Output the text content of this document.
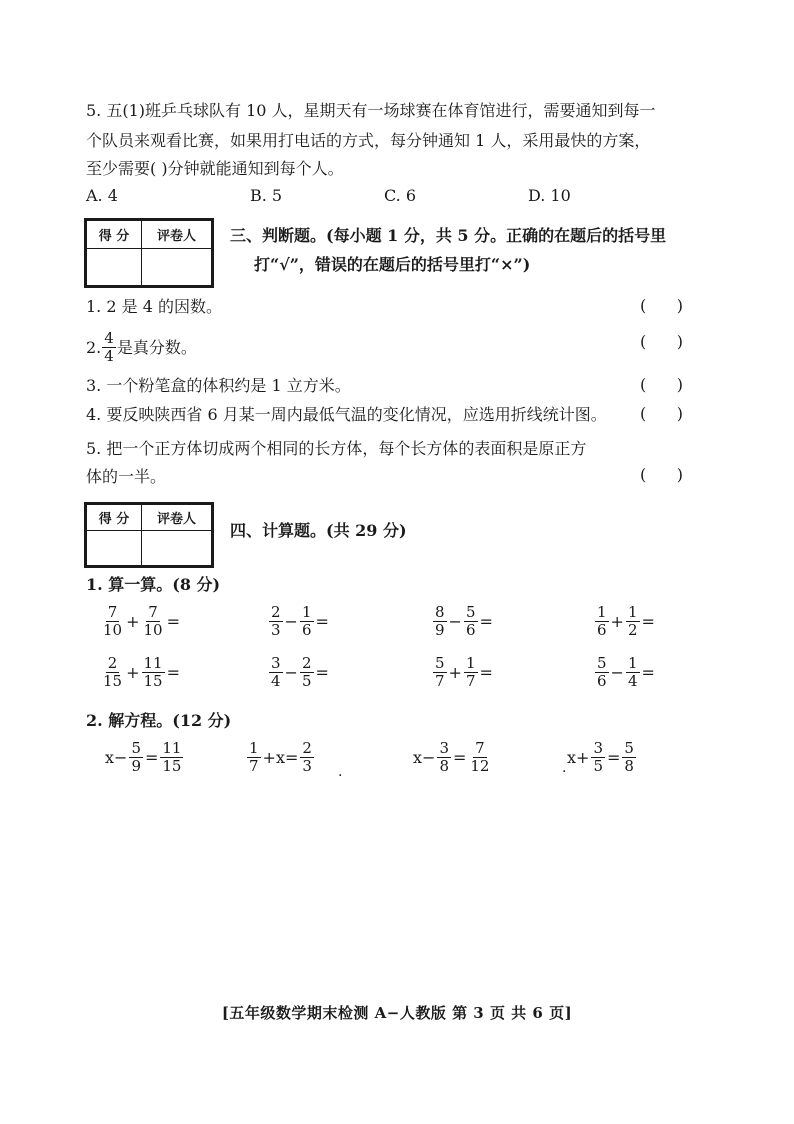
5. 五(1)班乒乓球队有 10 人，星期天有一场球赛在体育馆进行，需要通知到每一
个队员来观看比赛，如果用打电话的方式，每分钟通知 1 人，采用最快的方案，
至少需要( )分钟就能通知到每个人。
A. 4	B. 5	C. 6	D. 10
得 分	评卷人
	三、判断题。(每小题 1 分，共 5 分。正确的在题后的括号里
打“√”，错误的在题后的括号里打“×”)
1. 2 是 4 的因数。	(      )
2. $\frac{4}{4}$ 是真分数。	(      )
3. 一个粉笔盒的体积约是 1 立方米。	(      )
4. 要反映陕西省 6 月某一周内最低气温的变化情况，应选用折线统计图。 (      )
5. 把一个正方体切成两个相同的长方体，每个长方体的表面积是原正方
体的一半。	(      )
得 分	评卷人

四、计算题。(共 29 分)
1. 算一算。(8 分)
$\frac{7}{10} + \frac{7}{10}$ =	$\frac{2}{3} - \frac{1}{6}$ =	$\frac{8}{9} - \frac{5}{6}$ =	$\frac{1}{6} + \frac{1}{2}$ =
$\frac{2}{15} + \frac{11}{15}$ =	$\frac{3}{4} - \frac{2}{5}$ =	$\frac{5}{7} + \frac{1}{7}$ =	$\frac{5}{6} - \frac{1}{4}$ =
2. 解方程。(12 分)
$x- \frac{5}{9} = \frac{11}{15}$	$\frac{1}{7} +x= \frac{2}{3}$	$x- \frac{3}{8} = \frac{7}{12}$	$x+ \frac{3}{5} = \frac{5}{8}$
.	.
[五年级数学期末检测 A−人教版 第 3 页 共 6 页]
